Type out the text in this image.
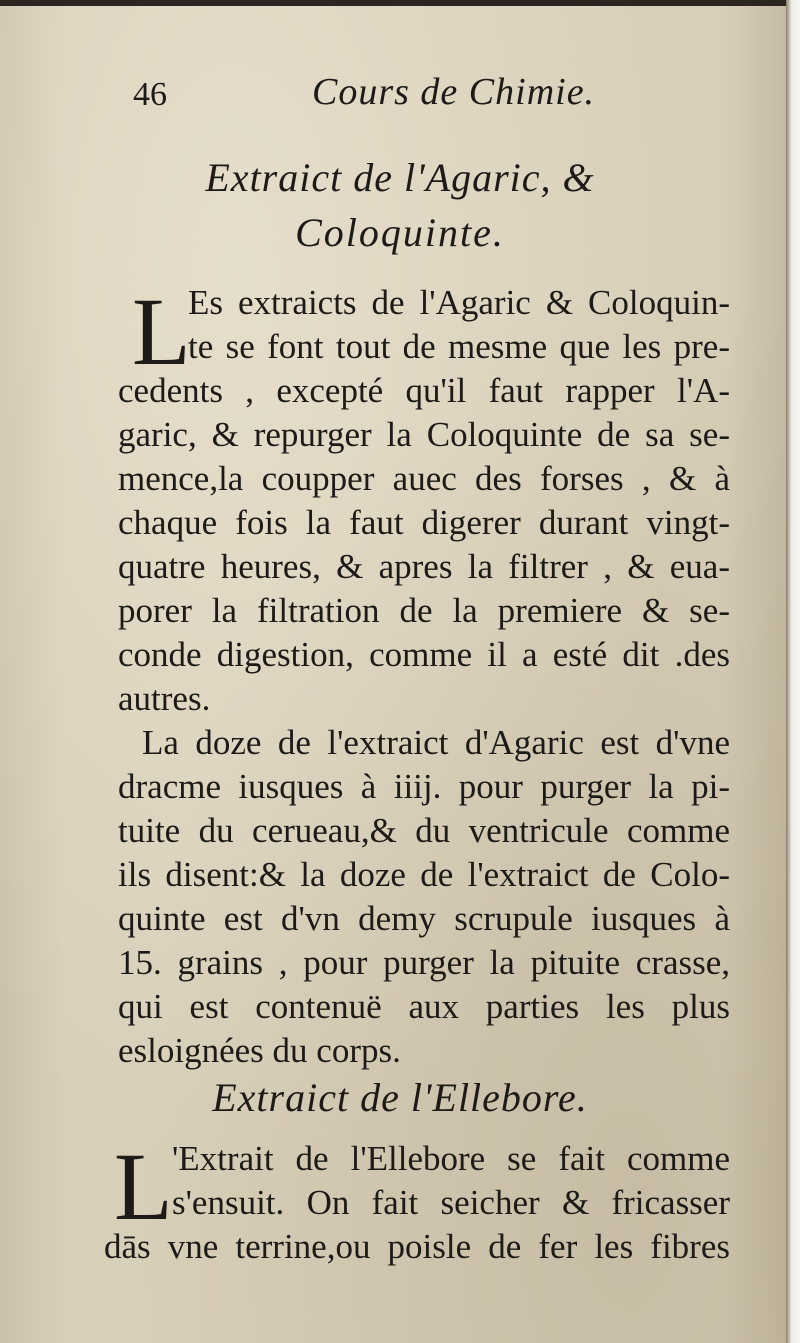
46	Cours de Chimie.
Extraict de l'Agaric, &
Coloquinte.
L

Es extraicts de l'Agaric & Coloquin-

te se font tout de mesme que les pre-

cedents , excepté qu'il faut rapper l'A-

garic, & repurger la Coloquinte de sa se-

mence,la coupper auec des forses , & à

chaque fois la faut digerer durant vingt-

quatre heures, & apres la filtrer , & eua-

porer la filtration de la premiere & se-

conde digestion, comme il a esté dit .des

autres.

La doze de l'extraict d'Agaric est d'vne

dracme iusques à iiij. pour purger la pi-

tuite du cerueau,& du ventricule comme

ils disent:& la doze de l'extraict de Colo-

quinte est d'vn demy scrupule iusques à

15. grains , pour purger la pituite crasse,

qui est contenuë aux parties les plus

esloignées du corps.

Extraict de l'Ellebore.
L 'Extrait de l'Ellebore se fait comme

s'ensuit. On fait seicher & fricasser

dās vne terrine,ou poisle de fer les fibres
